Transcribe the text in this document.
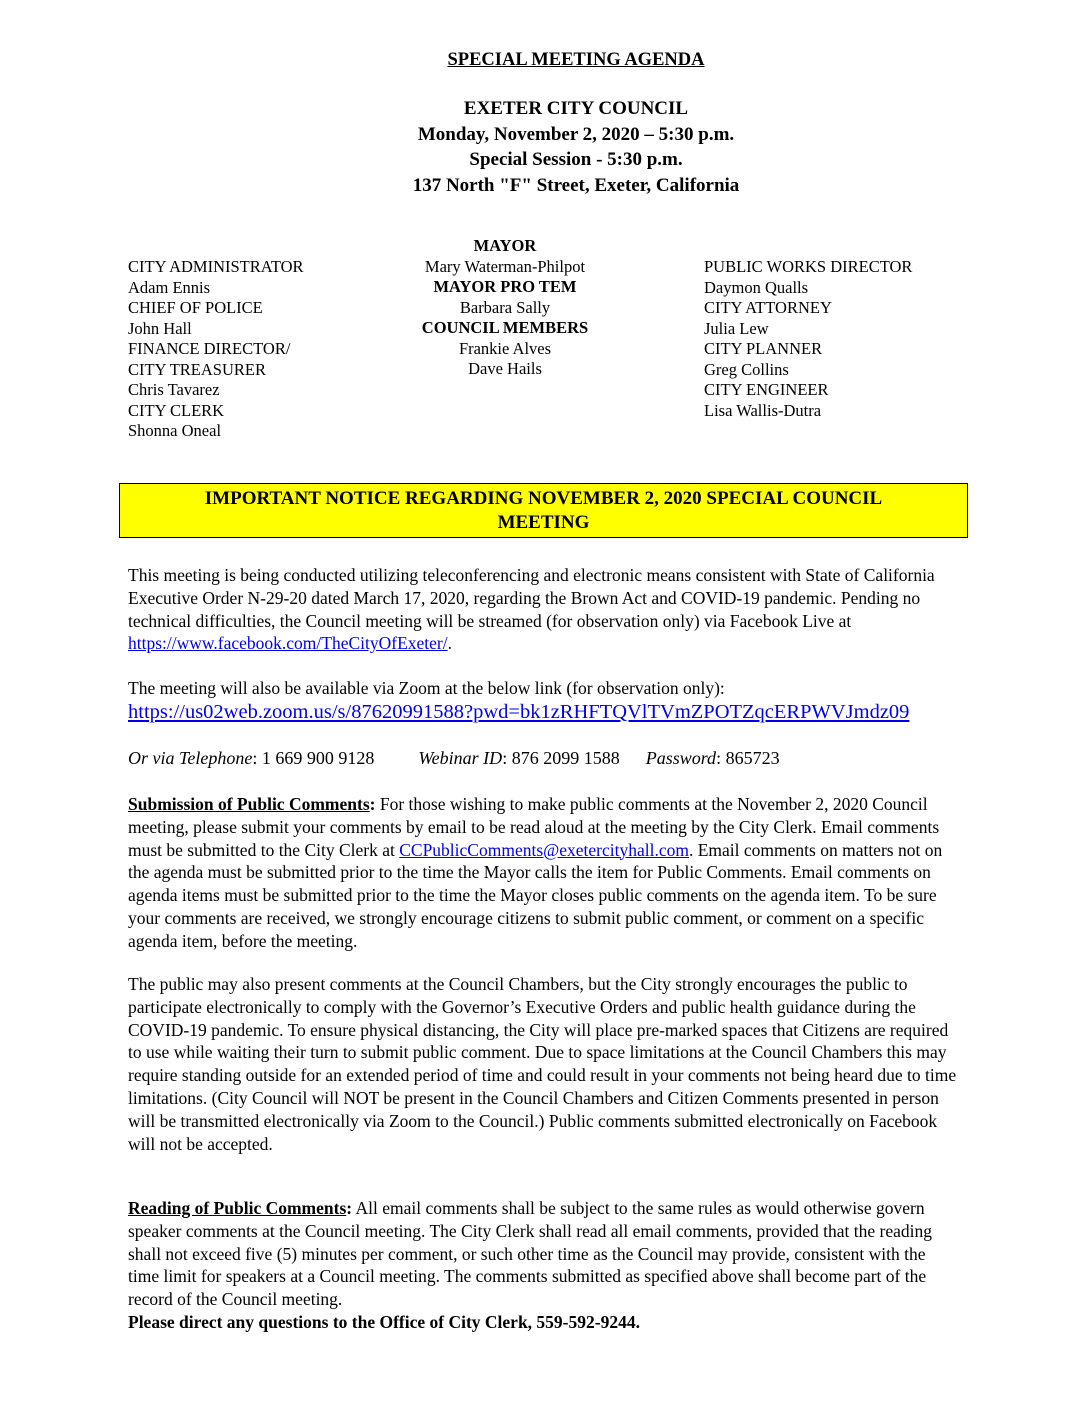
SPECIAL MEETING AGENDA
EXETER CITY COUNCIL
Monday, November 2, 2020 – 5:30 p.m.
Special Session - 5:30 p.m.
137 North "F" Street, Exeter, California
CITY ADMINISTRATOR
Adam Ennis
CHIEF OF POLICE
John Hall
FINANCE DIRECTOR/
CITY TREASURER
Chris Tavarez
CITY CLERK
Shonna Oneal
MAYOR
Mary Waterman-Philpot
MAYOR PRO TEM
Barbara Sally
COUNCIL MEMBERS
Frankie Alves
Dave Hails
PUBLIC WORKS DIRECTOR
Daymon Qualls
CITY ATTORNEY
Julia Lew
CITY PLANNER
Greg Collins
CITY ENGINEER
Lisa Wallis-Dutra
IMPORTANT NOTICE REGARDING NOVEMBER 2, 2020 SPECIAL COUNCIL
MEETING
This meeting is being conducted utilizing teleconferencing and electronic means consistent with State of California Executive Order N-29-20 dated March 17, 2020, regarding the Brown Act and COVID-19 pandemic. Pending no technical difficulties, the Council meeting will be streamed (for observation only) via Facebook Live at https://www.facebook.com/TheCityOfExeter/.
The meeting will also be available via Zoom at the below link (for observation only):
https://us02web.zoom.us/s/87620991588?pwd=bk1zRHFTQVlTVmZPOTZqcERPWVJmdz09
Or via Telephone: 1 669 900 9128 Webinar ID: 876 2099 1588 Password: 865723
Submission of Public Comments: For those wishing to make public comments at the November 2, 2020 Council meeting, please submit your comments by email to be read aloud at the meeting by the City Clerk. Email comments must be submitted to the City Clerk at CCPublicComments@exetercityhall.com. Email comments on matters not on the agenda must be submitted prior to the time the Mayor calls the item for Public Comments. Email comments on agenda items must be submitted prior to the time the Mayor closes public comments on the agenda item. To be sure your comments are received, we strongly encourage citizens to submit public comment, or comment on a specific agenda item, before the meeting.
The public may also present comments at the Council Chambers, but the City strongly encourages the public to participate electronically to comply with the Governor’s Executive Orders and public health guidance during the COVID-19 pandemic. To ensure physical distancing, the City will place pre-marked spaces that Citizens are required to use while waiting their turn to submit public comment. Due to space limitations at the Council Chambers this may require standing outside for an extended period of time and could result in your comments not being heard due to time limitations. (City Council will NOT be present in the Council Chambers and Citizen Comments presented in person will be transmitted electronically via Zoom to the Council.) Public comments submitted electronically on Facebook will not be accepted.
Reading of Public Comments: All email comments shall be subject to the same rules as would otherwise govern speaker comments at the Council meeting. The City Clerk shall read all email comments, provided that the reading shall not exceed five (5) minutes per comment, or such other time as the Council may provide, consistent with the time limit for speakers at a Council meeting. The comments submitted as specified above shall become part of the record of the Council meeting.
Please direct any questions to the Office of City Clerk, 559-592-9244.
